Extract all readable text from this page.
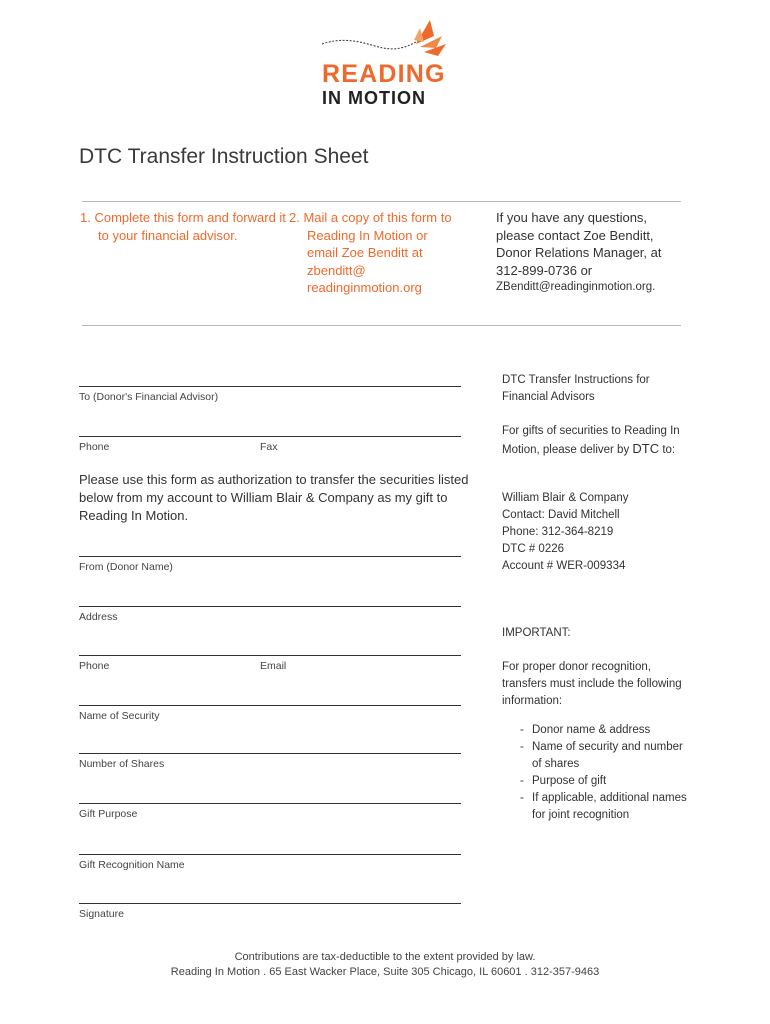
READING
IN MOTION
DTC Transfer Instruction Sheet
1. Complete this form and forward it to your financial advisor.
2. Mail a copy of this form to
Reading In Motion or
email Zoe Benditt at
zbenditt@
readinginmotion.org
If you have any questions,
please contact Zoe Benditt,
Donor Relations Manager, at
312-899-0736 or
ZBenditt@readinginmotion.org.
To (Donor's Financial Advisor)
Phone	Fax
Please use this form as authorization to transfer the securities listed below from my account to William Blair & Company as my gift to Reading In Motion.
From (Donor Name)
Address
Phone	Email
Name of Security
Number of Shares
Gift Purpose
Gift Recognition Name
Signature
DTC Transfer Instructions for Financial Advisors
For gifts of securities to Reading In Motion, please deliver by DTC to:
William Blair & Company
Contact: David Mitchell
Phone: 312-364-8219
DTC # 0226
Account # WER-009334
IMPORTANT:
For proper donor recognition, transfers must include the following information:
- Donor name & address
- Name of security and number of shares
- Purpose of gift
- If applicable, additional names for joint recognition
Contributions are tax-deductible to the extent provided by law.
Reading In Motion . 65 East Wacker Place, Suite 305 Chicago, IL 60601 . 312-357-9463
